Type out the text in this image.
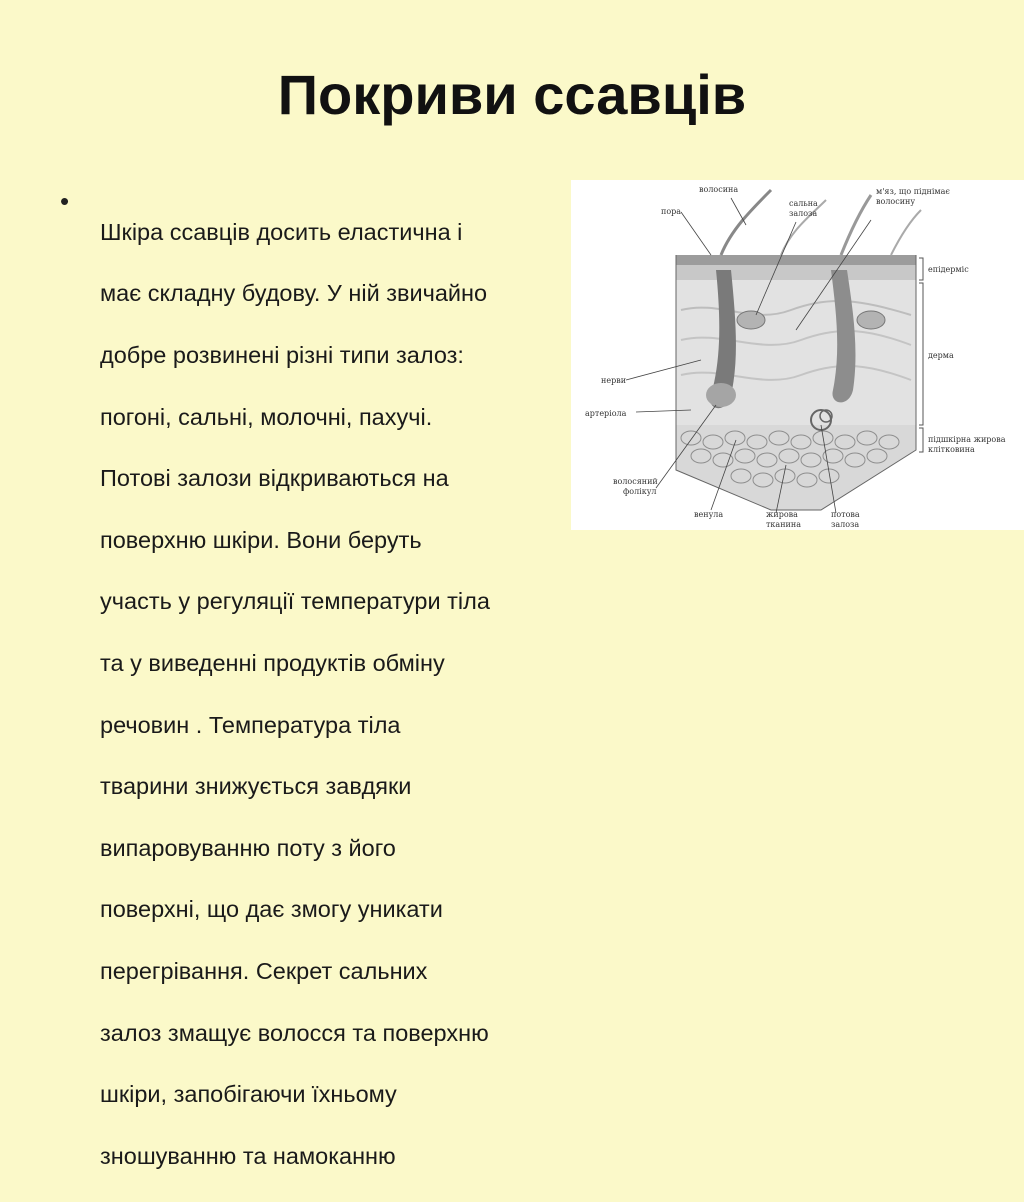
Покриви ссавців
•

Шкіра ссавців досить еластична і

має складну будову. У ній звичайно

добре розвинені різні типи залоз:

погоні, сальні, молочні, пахучі.

Потові залози відкриваються на

поверхню шкіри. Вони беруть

участь у регуляції температури тіла

та у виведенні продуктів обміну

речовин . Температура тіла

тварини знижується завдяки

випаровуванню поту з його

поверхні, що дає змогу уникати

перегрівання. Секрет сальних

залоз змащує волосся та поверхню

шкіри, запобігаючи їхньому

зношуванню та намоканню

волосина
пора
сальна
залоза
м'яз, що піднімає
волосину
епідерміс
дерма
нерви
артеріола
підшкірна жирова
клітковина
волосяний
фолікул
венула	жирова
тканина
потова
залоза
